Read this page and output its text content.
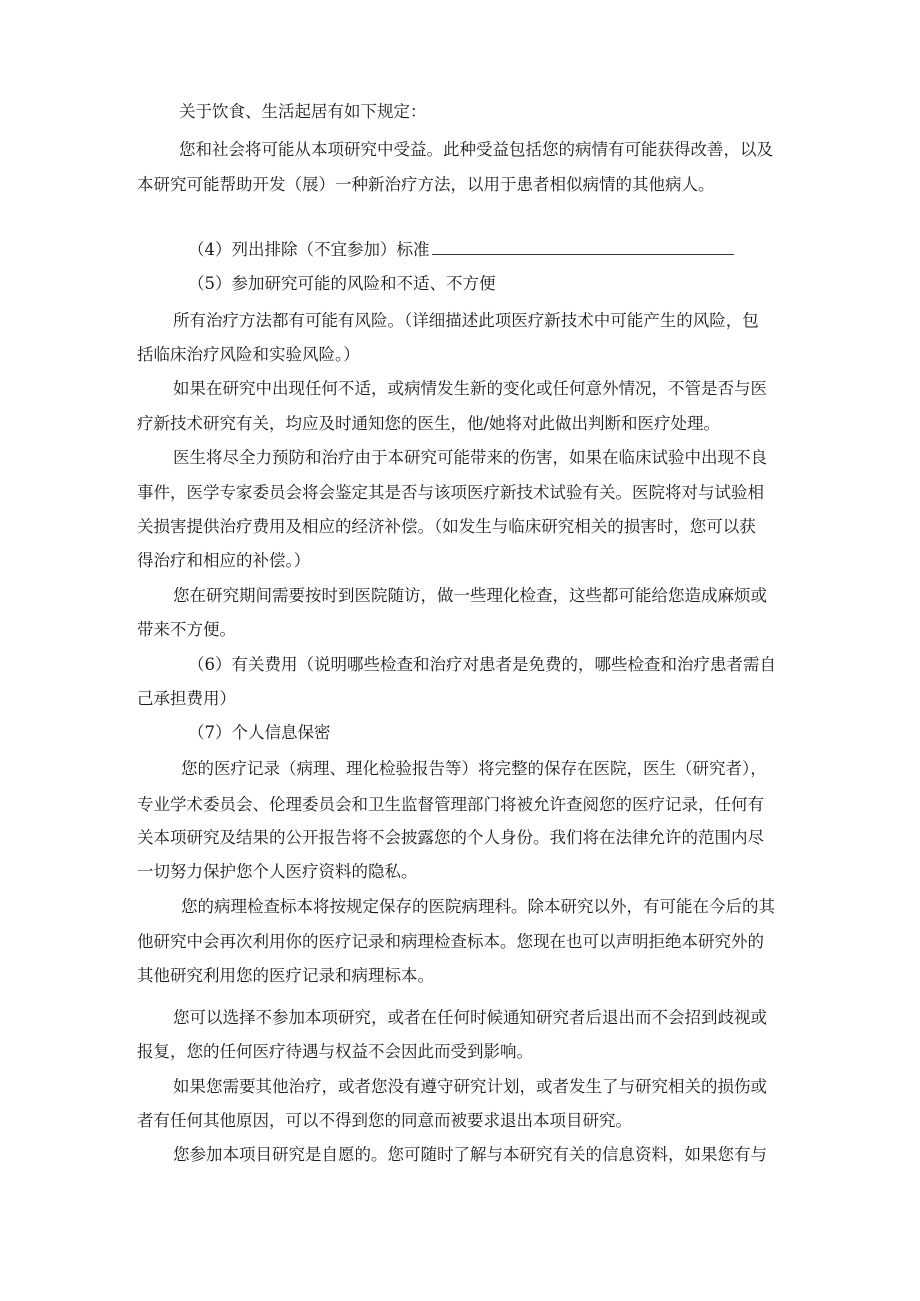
关于饮食、生活起居有如下规定：
您和社会将可能从本项研究中受益。此种受益包括您的病情有可能获得改善，以及
本研究可能帮助开发（展）一种新治疗方法，以用于患者相似病情的其他病人。
（4）列出排除（不宜参加）标准
（5）参加研究可能的风险和不适、不方便
所有治疗方法都有可能有风险。（详细描述此项医疗新技术中可能产生的风险，包
括临床治疗风险和实验风险。）
如果在研究中出现任何不适，或病情发生新的变化或任何意外情况，不管是否与医
疗新技术研究有关，均应及时通知您的医生，他/她将对此做出判断和医疗处理。
医生将尽全力预防和治疗由于本研究可能带来的伤害，如果在临床试验中出现不良
事件，医学专家委员会将会鉴定其是否与该项医疗新技术试验有关。医院将对与试验相
关损害提供治疗费用及相应的经济补偿。（如发生与临床研究相关的损害时，您可以获
得治疗和相应的补偿。）
您在研究期间需要按时到医院随访，做一些理化检查，这些都可能给您造成麻烦或
带来不方便。
（6）有关费用（说明哪些检查和治疗对患者是免费的，哪些检查和治疗患者需自
己承担费用）
（7）个人信息保密
您的医疗记录（病理、理化检验报告等）将完整的保存在医院，医生（研究者），
专业学术委员会、伦理委员会和卫生监督管理部门将被允许查阅您的医疗记录，任何有
关本项研究及结果的公开报告将不会披露您的个人身份。我们将在法律允许的范围内尽
一切努力保护您个人医疗资料的隐私。
您的病理检查标本将按规定保存的医院病理科。除本研究以外，有可能在今后的其
他研究中会再次利用你的医疗记录和病理检查标本。您现在也可以声明拒绝本研究外的
其他研究利用您的医疗记录和病理标本。
您可以选择不参加本项研究，或者在任何时候通知研究者后退出而不会招到歧视或
报复，您的任何医疗待遇与权益不会因此而受到影响。
如果您需要其他治疗，或者您没有遵守研究计划，或者发生了与研究相关的损伤或
者有任何其他原因，可以不得到您的同意而被要求退出本项目研究。
您参加本项目研究是自愿的。您可随时了解与本研究有关的信息资料，如果您有与
